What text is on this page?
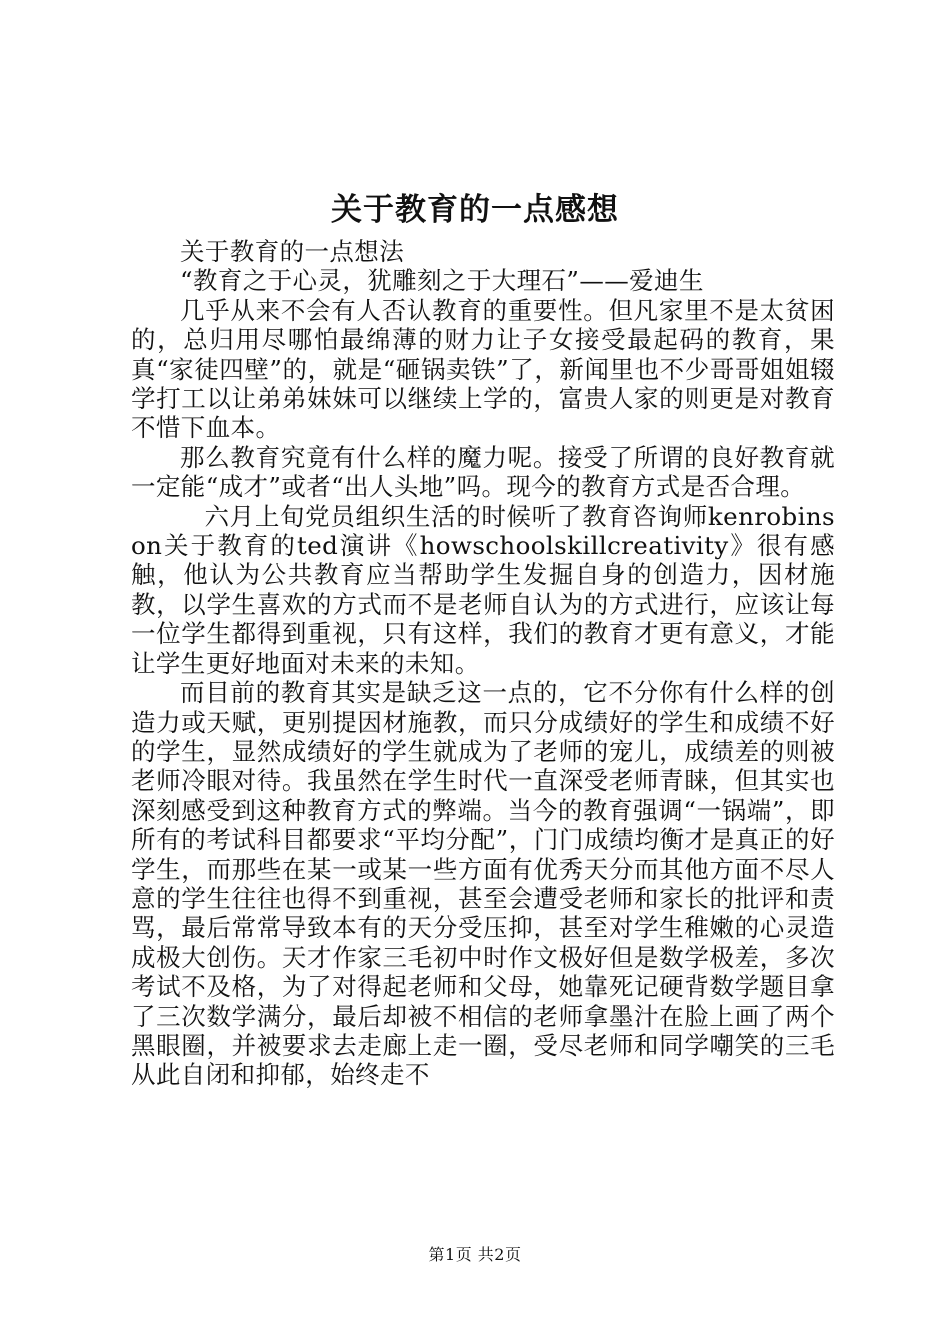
关于教育的一点感想

关于教育的一点想法

“教育之于心灵，犹雕刻之于大理石”——爱迪生

几乎从来不会有人否认教育的重要性。但凡家里不是太贫困的，总归用尽哪怕最绵薄的财力让子女接受最起码的教育，果真“家徒四壁”的，就是“砸锅卖铁”了，新闻里也不少哥哥姐姐辍学打工以让弟弟妹妹可以继续上学的，富贵人家的则更是对教育不惜下血本。

那么教育究竟有什么样的魔力呢。接受了所谓的良好教育就一定能“成才”或者“出人头地”吗。现今的教育方式是否合理。

六月上旬党员组织生活的时候听了教育咨询师kenrobinson关于教育的ted演讲《howschoolskillcreativity》很有感触，他认为公共教育应当帮助学生发掘自身的创造力，因材施教，以学生喜欢的方式而不是老师自认为的方式进行，应该让每一位学生都得到重视，只有这样，我们的教育才更有意义，才能让学生更好地面对未来的未知。

而目前的教育其实是缺乏这一点的，它不分你有什么样的创造力或天赋，更别提因材施教，而只分成绩好的学生和成绩不好的学生，显然成绩好的学生就成为了老师的宠儿，成绩差的则被老师冷眼对待。我虽然在学生时代一直深受老师青睐，但其实也深刻感受到这种教育方式的弊端。当今的教育强调“一锅端”，即所有的考试科目都要求“平均分配”，门门成绩均衡才是真正的好学生，而那些在某一或某一些方面有优秀天分而其他方面不尽人意的学生往往也得不到重视，甚至会遭受老师和家长的批评和责骂，最后常常导致本有的天分受压抑，甚至对学生稚嫩的心灵造成极大创伤。天才作家三毛初中时作文极好但是数学极差，多次考试不及格，为了对得起老师和父母，她靠死记硬背数学题目拿了三次数学满分，最后却被不相信的老师拿墨汁在脸上画了两个黑眼圈，并被要求去走廊上走一圈，受尽老师和同学嘲笑的三毛从此自闭和抑郁，始终走不

第1页 共2页
